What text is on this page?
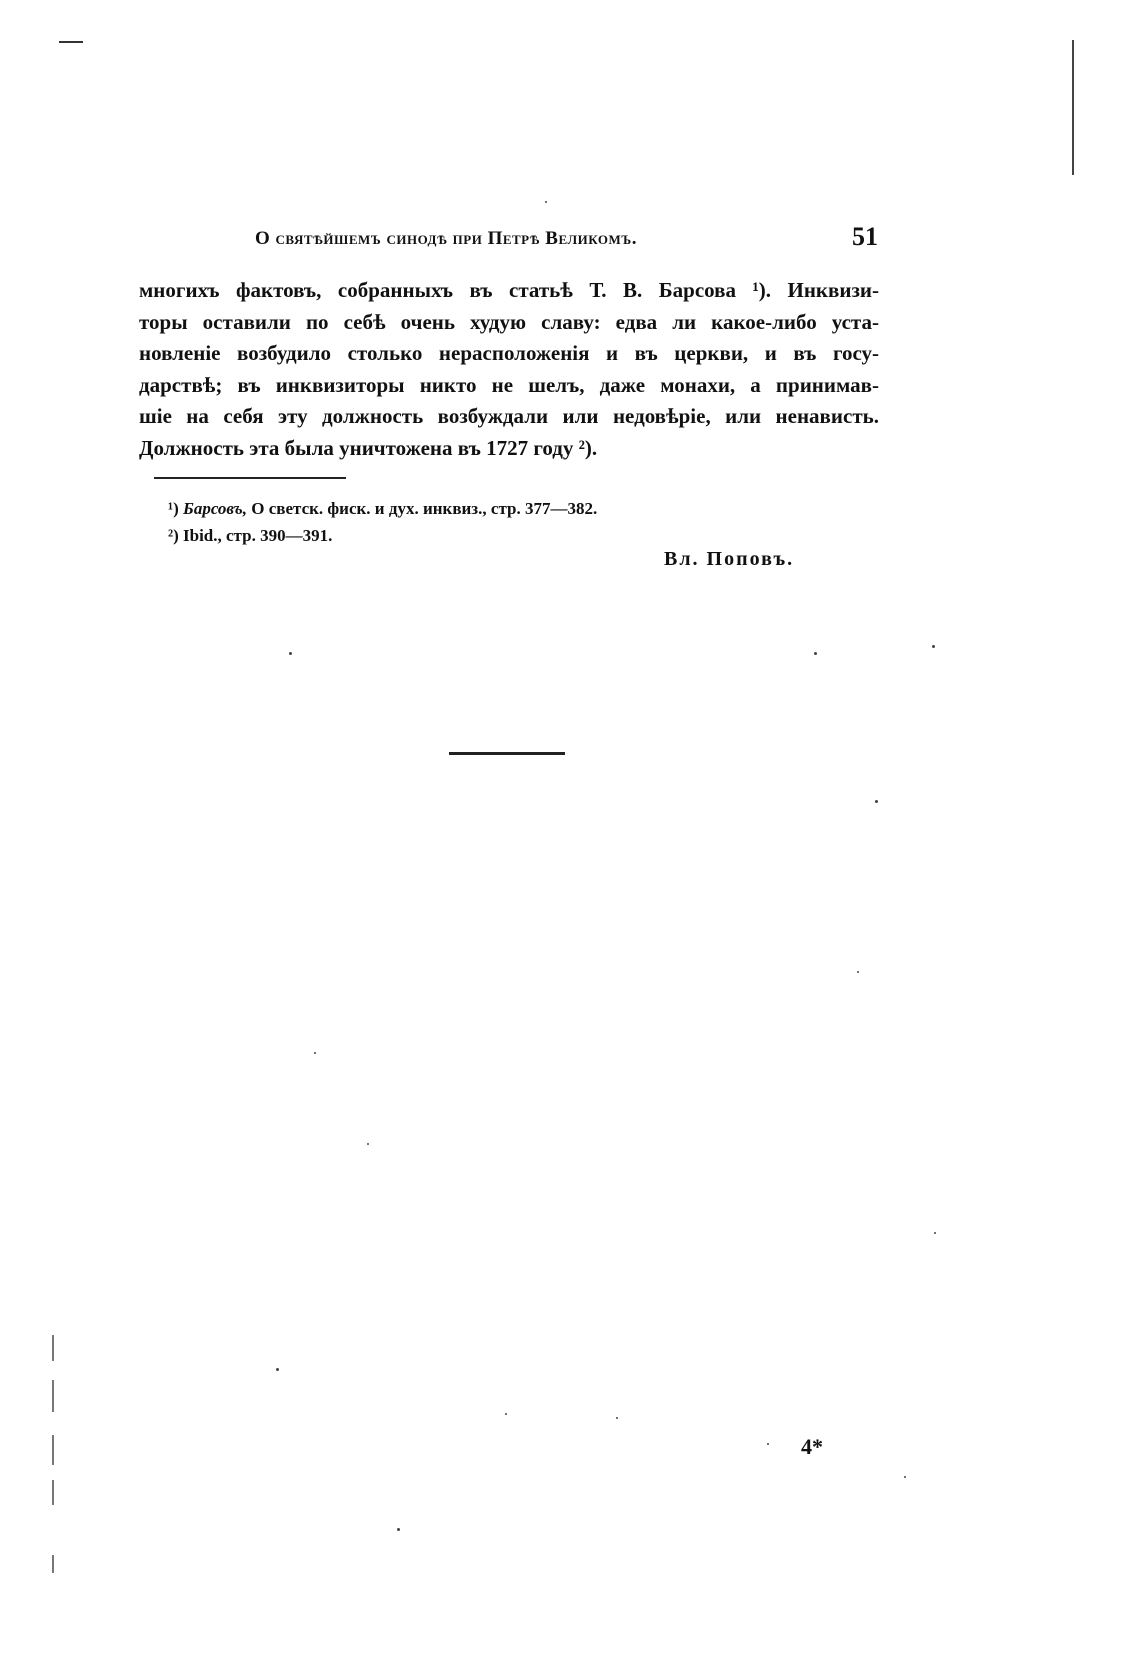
О святѣйшемъ синодѣ при Петрѣ Великомъ.	51
многихъ фактовъ, собранныхъ въ статьѣ Т. В. Барсова ¹). Инквизи-
торы оставили по себѣ очень худую славу: едва ли какое-либо уста-
новленіе возбудило столько нерасположенія и въ церкви, и въ госу-
дарствѣ; въ инквизиторы никто не шелъ, даже монахи, а принимав-
шіе на себя эту должность возбуждали или недовѣріе, или ненависть.
Должность эта была уничтожена въ 1727 году ²).
¹) Барсовъ, О светск. фиск. и дух. инквиз., стр. 377—382.
²) Ibid., стр. 390—391.
Вл. Поповъ.
4*
